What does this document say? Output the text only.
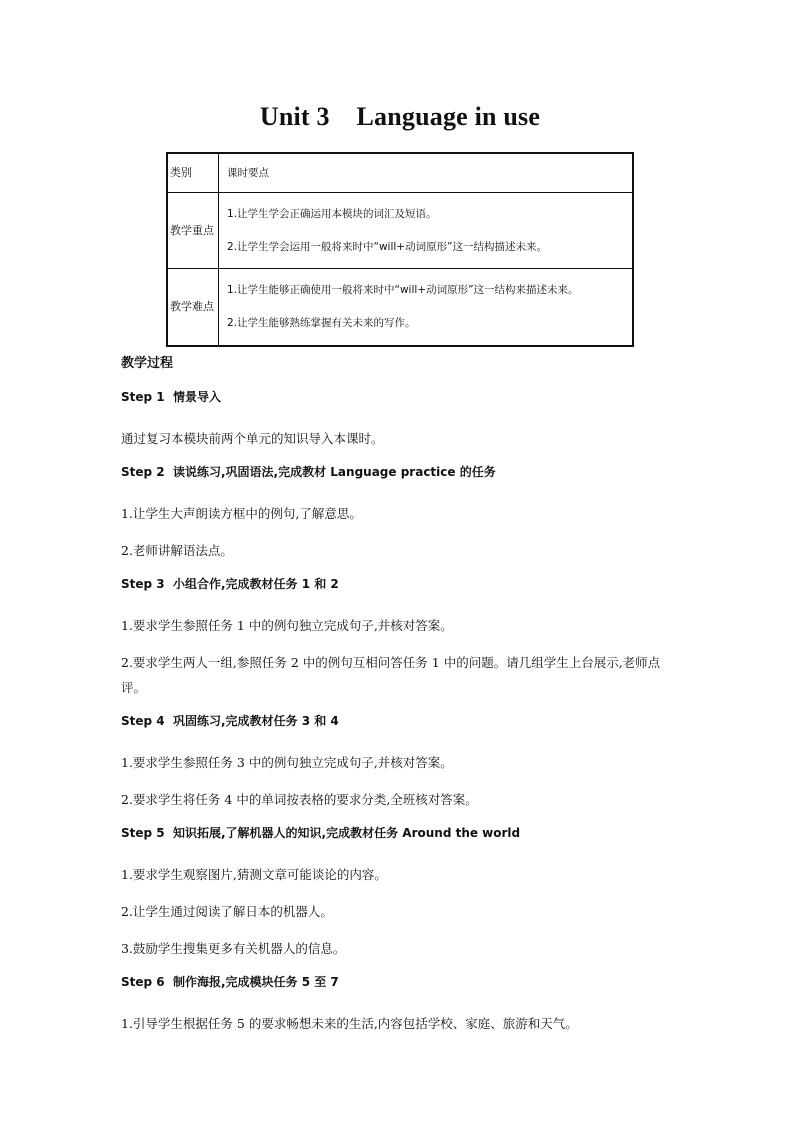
Unit 3    Language in use
类别	课时要点
教学重点	1.让学生学会正确运用本模块的词汇及短语。
2.让学生学会运用一般将来时中“will+动词原形”这一结构描述未来。

教学难点	1.让学生能够正确使用一般将来时中“will+动词原形”这一结构来描述未来。
2.让学生能够熟练掌握有关未来的写作。
教学过程
Step 1  情景导入
通过复习本模块前两个单元的知识导入本课时。
Step 2  读说练习,巩固语法,完成教材 Language practice 的任务
1.让学生大声朗读方框中的例句,了解意思。
2.老师讲解语法点。
Step 3  小组合作,完成教材任务 1 和 2
1.要求学生参照任务 1 中的例句独立完成句子,并核对答案。
2.要求学生两人一组,参照任务 2 中的例句互相问答任务 1 中的问题。请几组学生上台展示,老师点评。
Step 4  巩固练习,完成教材任务 3 和 4
1.要求学生参照任务 3 中的例句独立完成句子,并核对答案。
2.要求学生将任务 4 中的单词按表格的要求分类,全班核对答案。
Step 5  知识拓展,了解机器人的知识,完成教材任务 Around the world
1.要求学生观察图片,猜测文章可能谈论的内容。
2.让学生通过阅读了解日本的机器人。
3.鼓励学生搜集更多有关机器人的信息。
Step 6  制作海报,完成模块任务 5 至 7
1.引导学生根据任务 5 的要求畅想未来的生活,内容包括学校、家庭、旅游和天气。
